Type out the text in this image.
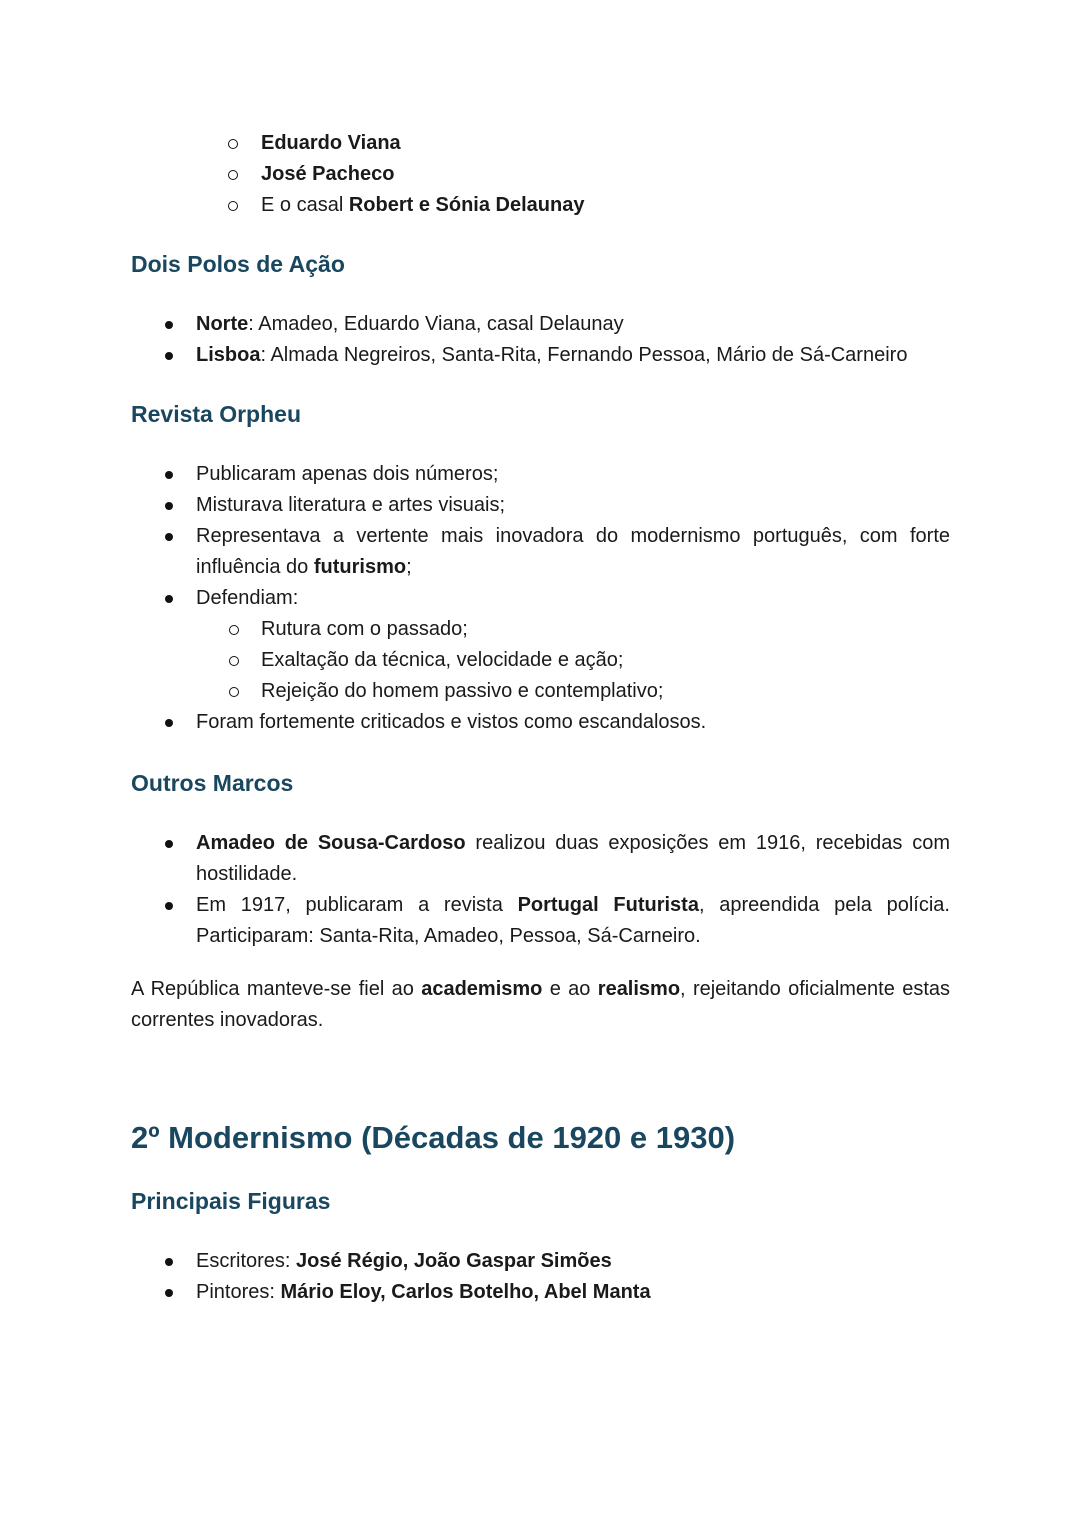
Eduardo Viana
José Pacheco
E o casal Robert e Sónia Delaunay
Dois Polos de Ação
Norte: Amadeo, Eduardo Viana, casal Delaunay
Lisboa: Almada Negreiros, Santa-Rita, Fernando Pessoa, Mário de Sá-Carneiro
Revista Orpheu
Publicaram apenas dois números;
Misturava literatura e artes visuais;
Representava a vertente mais inovadora do modernismo português, com forte influência do futurismo;
Defendiam:
Rutura com o passado;
Exaltação da técnica, velocidade e ação;
Rejeição do homem passivo e contemplativo;
Foram fortemente criticados e vistos como escandalosos.
Outros Marcos
Amadeo de Sousa-Cardoso realizou duas exposições em 1916, recebidas com hostilidade.
Em 1917, publicaram a revista Portugal Futurista, apreendida pela polícia. Participaram: Santa-Rita, Amadeo, Pessoa, Sá-Carneiro.

A República manteve-se fiel ao academismo e ao realismo, rejeitando oficialmente estas correntes inovadoras.

2º Modernismo (Décadas de 1920 e 1930)
Principais Figuras
Escritores: José Régio, João Gaspar Simões
Pintores: Mário Eloy, Carlos Botelho, Abel Manta
